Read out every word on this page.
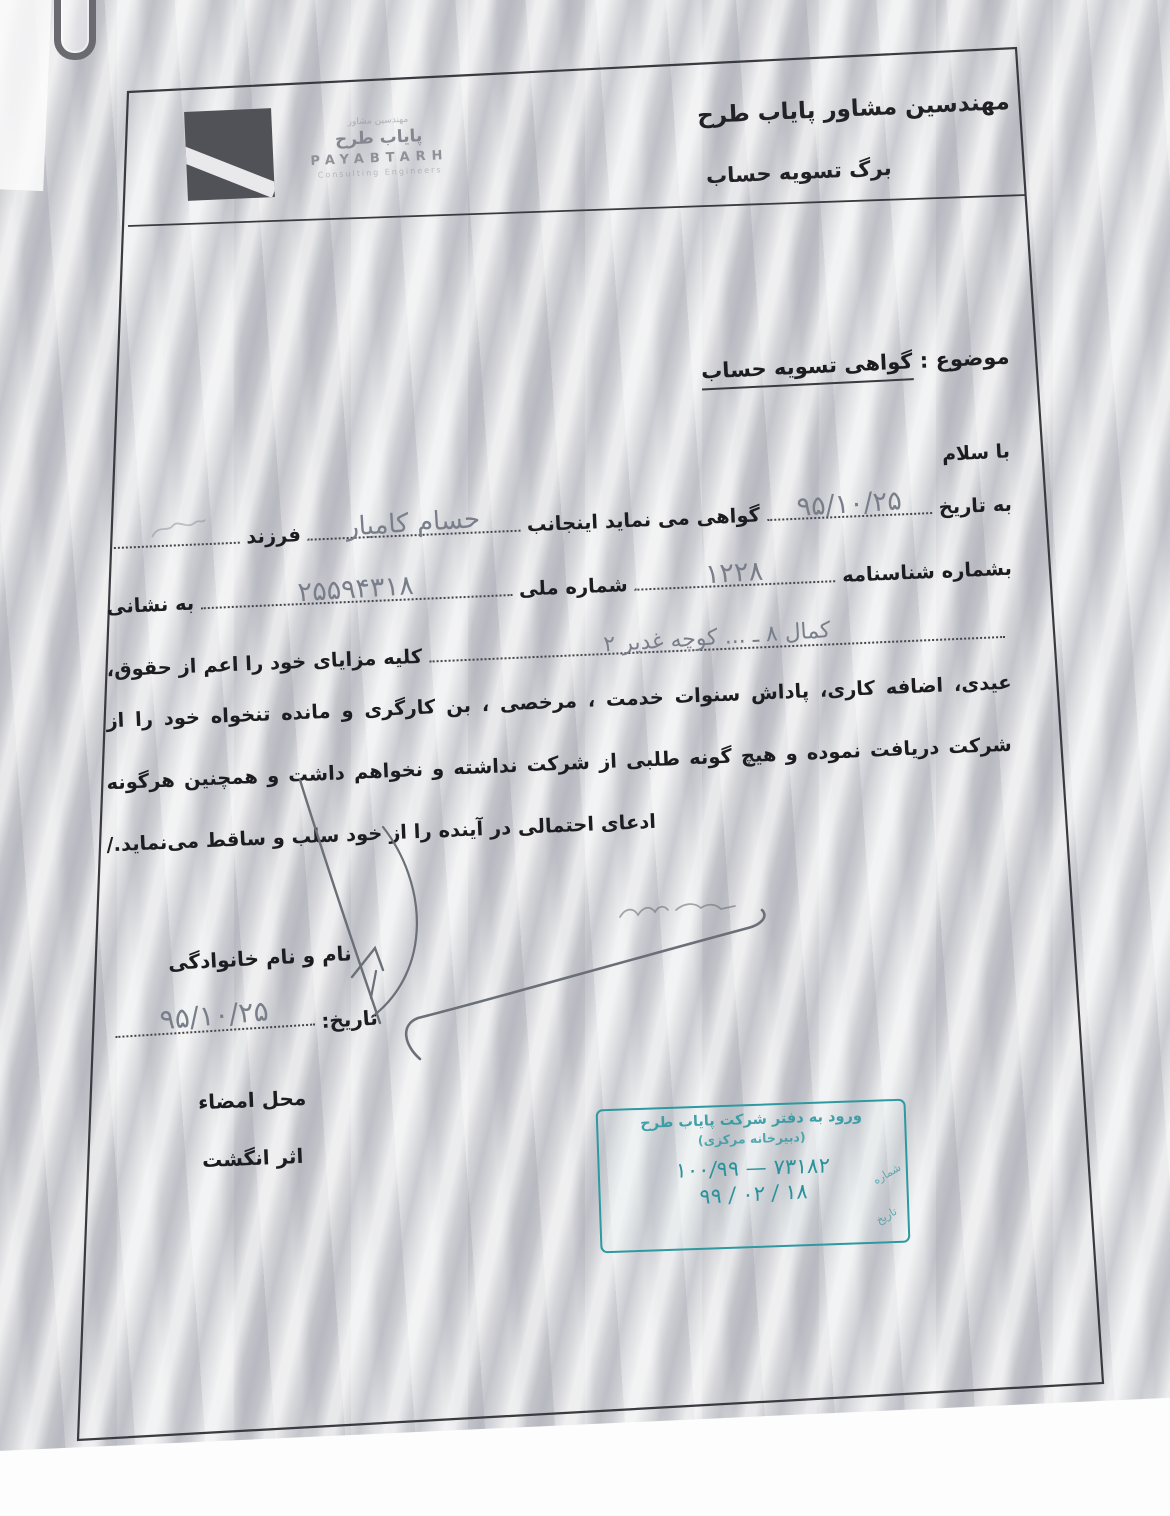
مهندسین مشاور
پایاب طرح
PAYABTARH
Consulting Engineers
مهندسین مشاور پایاب طرح
برگ تسویه حساب
موضوع : گواهی تسویه حساب
با سلام
به تاریخ
۹۵/۱۰/۲۵
گواهی می نماید اینجانب
حسام کامیار
فرزند
بشماره شناسنامه
۱۲۲۸
شماره ملی
۲۵۵۹۴۳۱۸
به نشانی
کمال ۸ ـ ... کوچه غدیر ۲
کلیه مزایای خود را اعم از حقوق،
عیدی، اضافه کاری، پاداش سنوات خدمت ، مرخصی ، بن کارگری و مانده تنخواه خود را از
شرکت دریافت نموده و هیچ گونه طلبی از شرکت نداشته و نخواهم داشت و همچنین هرگونه
ادعای احتمالی در آینده را از خود سلب و ساقط می‌نماید./
نام و نام خانوادگی
تاریخ:
۹۵/۱۰/۲۵
محل امضاء
اثر انگشت
ورود به دفتر شرکت پایاب طرح
(دبیرخانه مرکزی)
۱۰۰/۹۹ — ۷۳۱۸۲
۹۹ / ۰۲ / ۱۸
شماره
تاریخ
